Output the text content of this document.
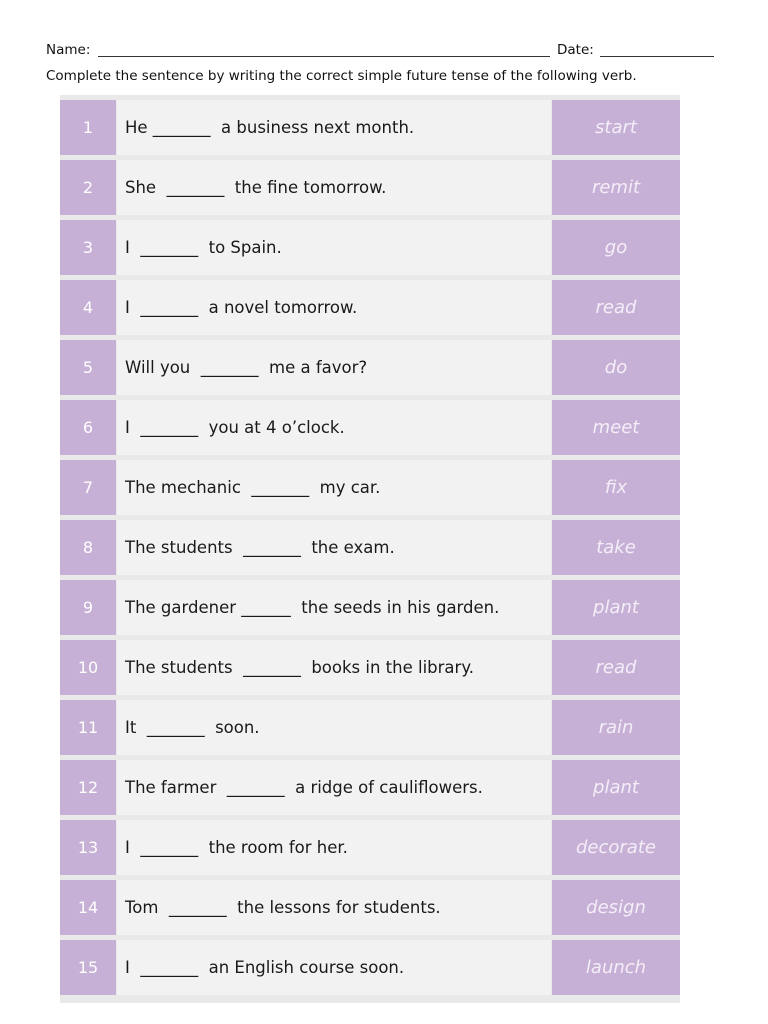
Name:	Date:
Complete the sentence by writing the correct simple future tense of the following verb.
1	He _______  a business next month.	start
2	She  _______  the fine tomorrow.	remit
3	I  _______  to Spain.	go
4	I  _______  a novel tomorrow.	read
5	Will you  _______  me a favor?	do
6	I  _______  you at 4 o’clock.	meet
7	The mechanic  _______  my car.	fix
8	The students  _______  the exam.	take
9	The gardener ______  the seeds in his garden.	plant
10	The students  _______  books in the library.	read
11	It  _______  soon.	rain
12	The farmer  _______  a ridge of cauliflowers.	plant
13	I  _______  the room for her.	decorate
14	Tom  _______  the lessons for students.	design
15	I  _______  an English course soon.	launch
